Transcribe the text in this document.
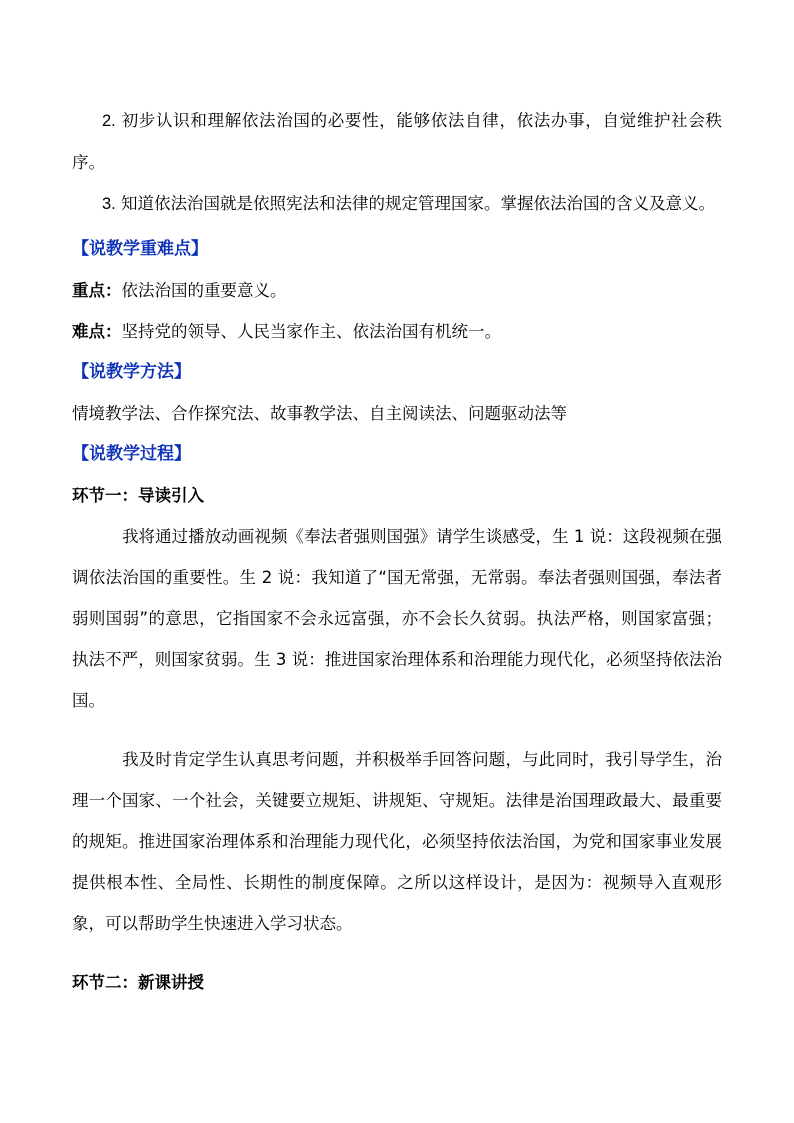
2. 初步认识和理解依法治国的必要性，能够依法自律，依法办事，自觉维护社会秩序。

3. 知道依法治国就是依照宪法和法律的规定管理国家。掌握依法治国的含义及意义。

【说教学重难点】

重点：依法治国的重要意义。

难点：坚持党的领导、人民当家作主、依法治国有机统一。

【说教学方法】

情境教学法、合作探究法、故事教学法、自主阅读法、问题驱动法等

【说教学过程】

环节一：导读引入

我将通过播放动画视频《奉法者强则国强》请学生谈感受，生 1 说：这段视频在强调依法治国的重要性。生 2 说：我知道了“国无常强，无常弱。奉法者强则国强，奉法者弱则国弱”的意思，它指国家不会永远富强，亦不会长久贫弱。执法严格，则国家富强；执法不严，则国家贫弱。生 3 说：推进国家治理体系和治理能力现代化，必须坚持依法治国。

我及时肯定学生认真思考问题，并积极举手回答问题，与此同时，我引导学生，治理一个国家、一个社会，关键要立规矩、讲规矩、守规矩。法律是治国理政最大、最重要的规矩。推进国家治理体系和治理能力现代化，必须坚持依法治国，为党和国家事业发展提供根本性、全局性、长期性的制度保障。之所以这样设计，是因为：视频导入直观形象，可以帮助学生快速进入学习状态。

环节二：新课讲授
